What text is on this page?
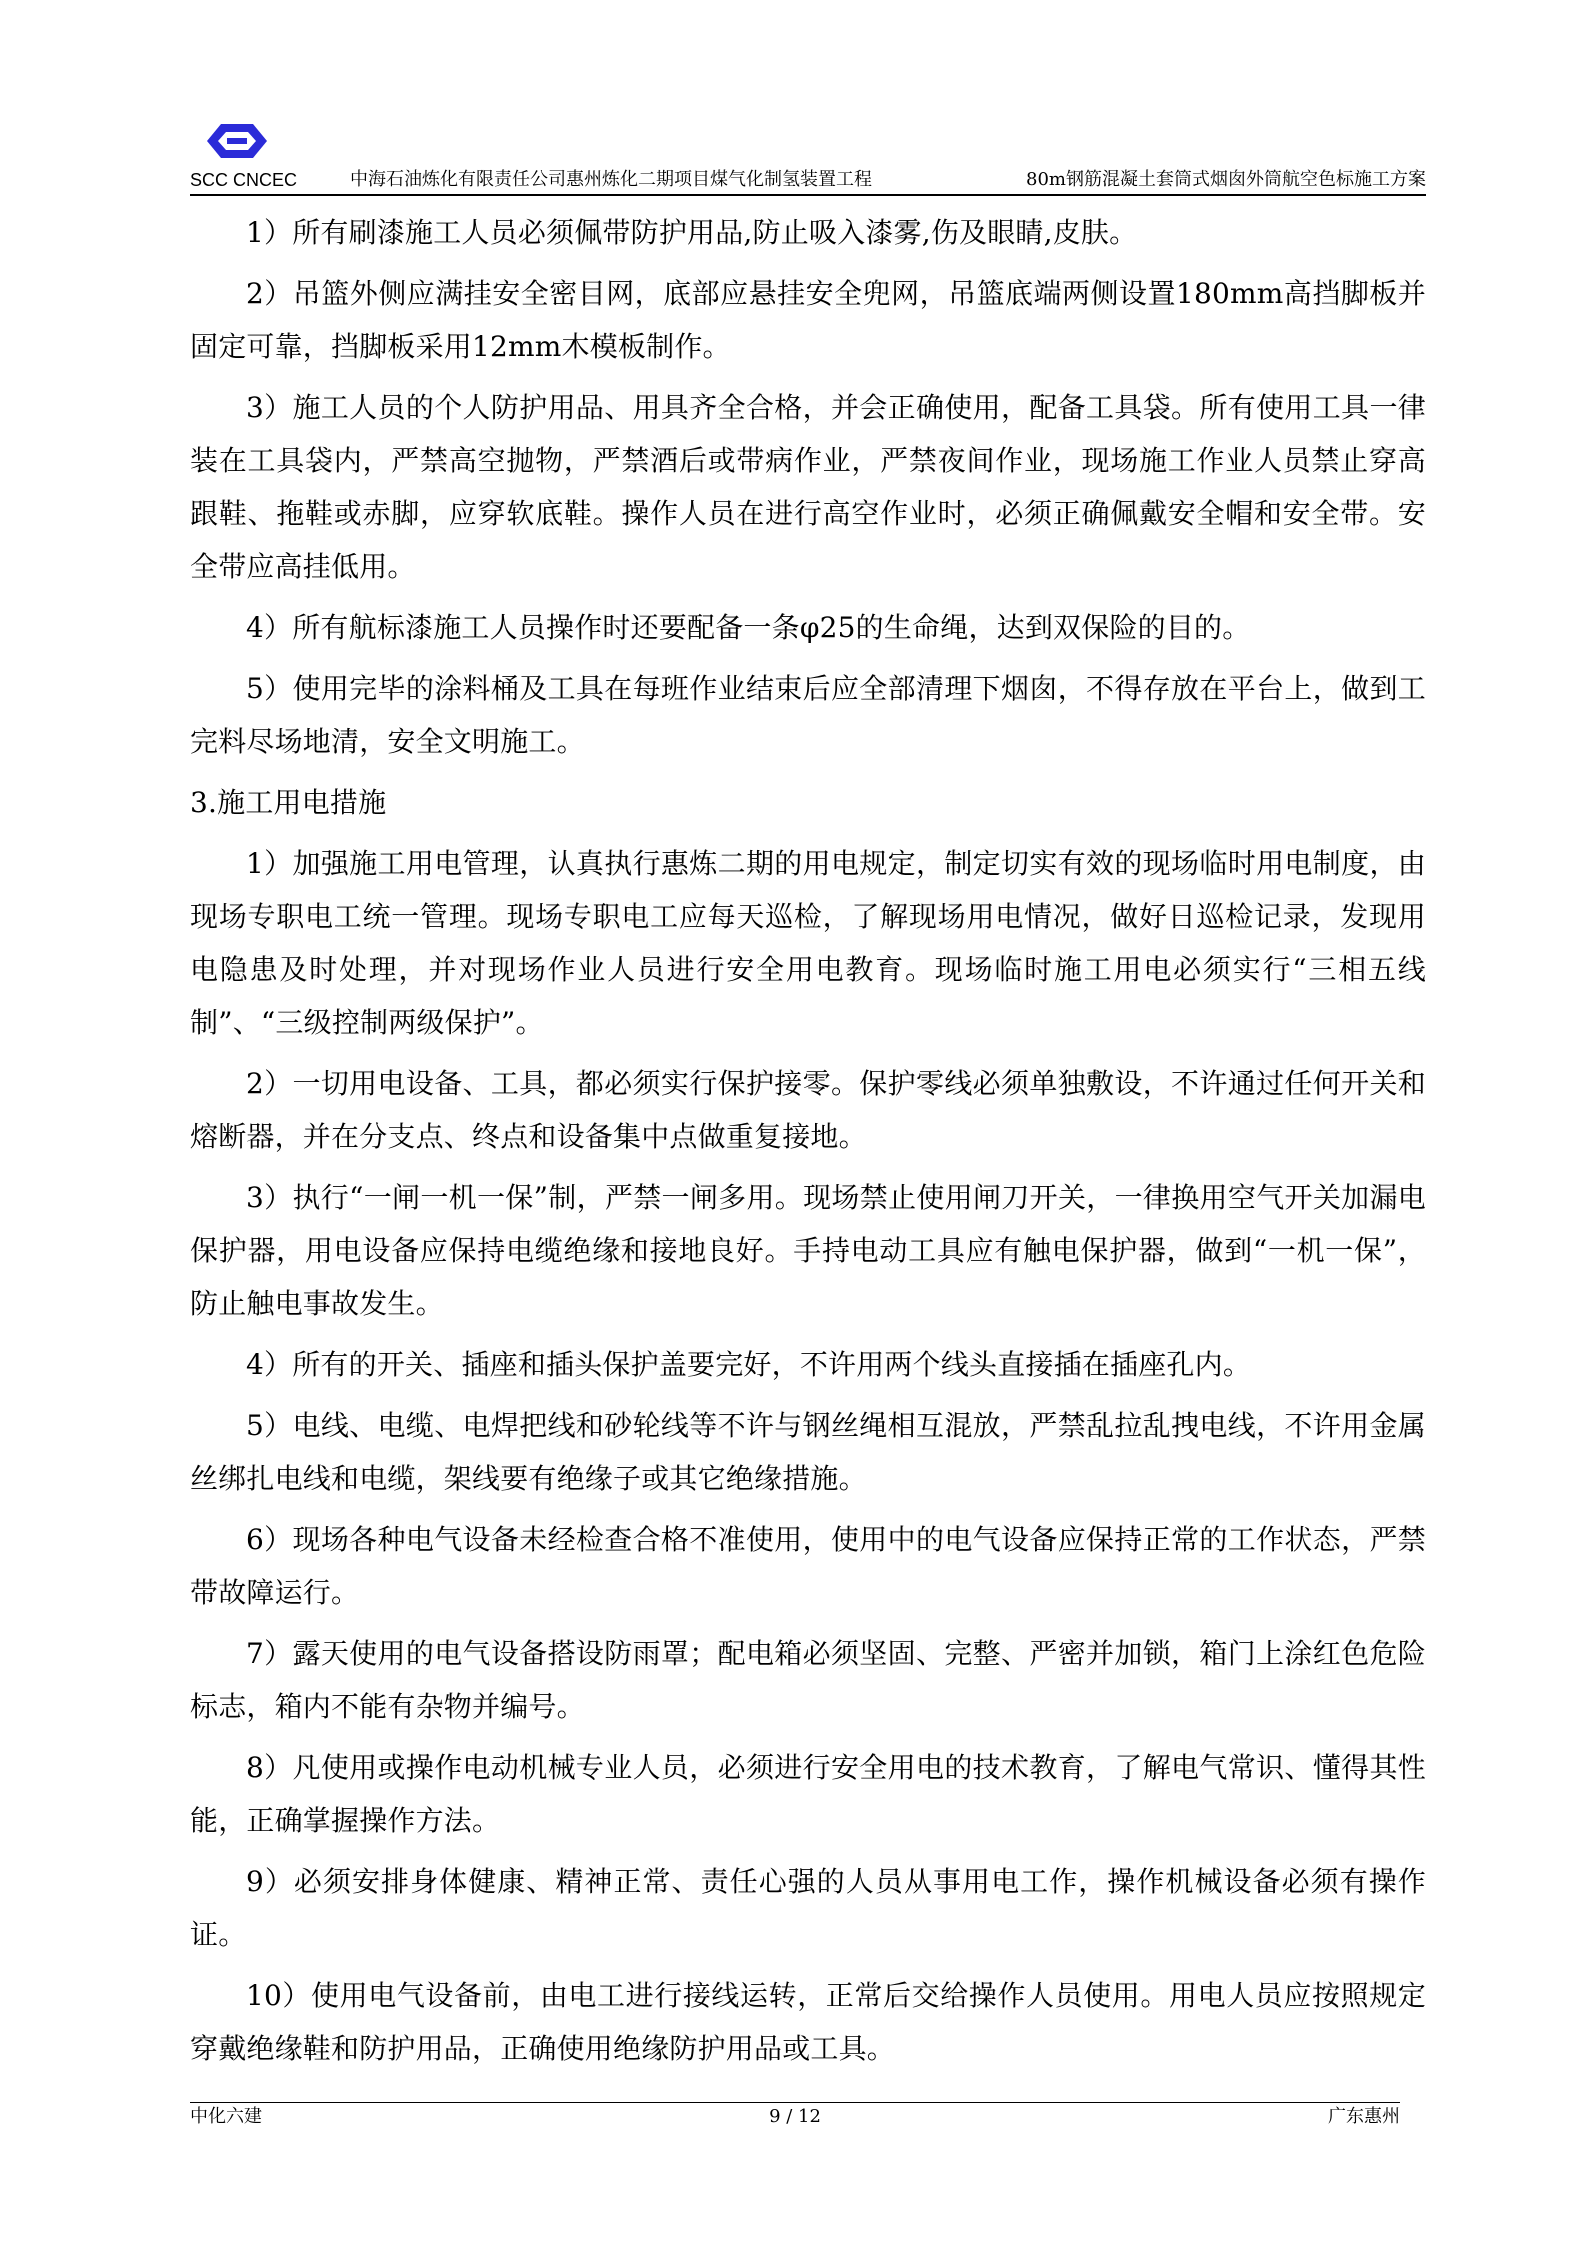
SCC CNCEC	中海石油炼化有限责任公司惠州炼化二期项目煤气化制氢装置工程	80m钢筋混凝土套筒式烟囱外筒航空色标施工方案

1）所有刷漆施工人员必须佩带防护用品,防止吸入漆雾,伤及眼睛,皮肤。

2）吊篮外侧应满挂安全密目网，底部应悬挂安全兜网，吊篮底端两侧设置180mm高挡脚板并固定可靠，挡脚板采用12mm木模板制作。

3）施工人员的个人防护用品、用具齐全合格，并会正确使用，配备工具袋。所有使用工具一律装在工具袋内，严禁高空抛物，严禁酒后或带病作业，严禁夜间作业，现场施工作业人员禁止穿高跟鞋、拖鞋或赤脚，应穿软底鞋。操作人员在进行高空作业时，必须正确佩戴安全帽和安全带。安全带应高挂低用。

4）所有航标漆施工人员操作时还要配备一条φ25的生命绳，达到双保险的目的。

5）使用完毕的涂料桶及工具在每班作业结束后应全部清理下烟囱，不得存放在平台上，做到工完料尽场地清，安全文明施工。

3.施工用电措施

1）加强施工用电管理，认真执行惠炼二期的用电规定，制定切实有效的现场临时用电制度，由现场专职电工统一管理。现场专职电工应每天巡检，了解现场用电情况，做好日巡检记录，发现用电隐患及时处理，并对现场作业人员进行安全用电教育。现场临时施工用电必须实行“三相五线制”、“三级控制两级保护”。

2）一切用电设备、工具，都必须实行保护接零。保护零线必须单独敷设，不许通过任何开关和熔断器，并在分支点、终点和设备集中点做重复接地。

3）执行“一闸一机一保”制，严禁一闸多用。现场禁止使用闸刀开关，一律换用空气开关加漏电保护器，用电设备应保持电缆绝缘和接地良好。手持电动工具应有触电保护器，做到“一机一保”，防止触电事故发生。

4）所有的开关、插座和插头保护盖要完好，不许用两个线头直接插在插座孔内。

5）电线、电缆、电焊把线和砂轮线等不许与钢丝绳相互混放，严禁乱拉乱拽电线，不许用金属丝绑扎电线和电缆，架线要有绝缘子或其它绝缘措施。

6）现场各种电气设备未经检查合格不准使用，使用中的电气设备应保持正常的工作状态，严禁带故障运行。

7）露天使用的电气设备搭设防雨罩；配电箱必须坚固、完整、严密并加锁，箱门上涂红色危险标志，箱内不能有杂物并编号。

8）凡使用或操作电动机械专业人员，必须进行安全用电的技术教育，了解电气常识、懂得其性能，正确掌握操作方法。

9）必须安排身体健康、精神正常、责任心强的人员从事用电工作，操作机械设备必须有操作证。

10）使用电气设备前，由电工进行接线运转，正常后交给操作人员使用。用电人员应按照规定穿戴绝缘鞋和防护用品，正确使用绝缘防护用品或工具。

中化六建	9 / 12	广东惠州
